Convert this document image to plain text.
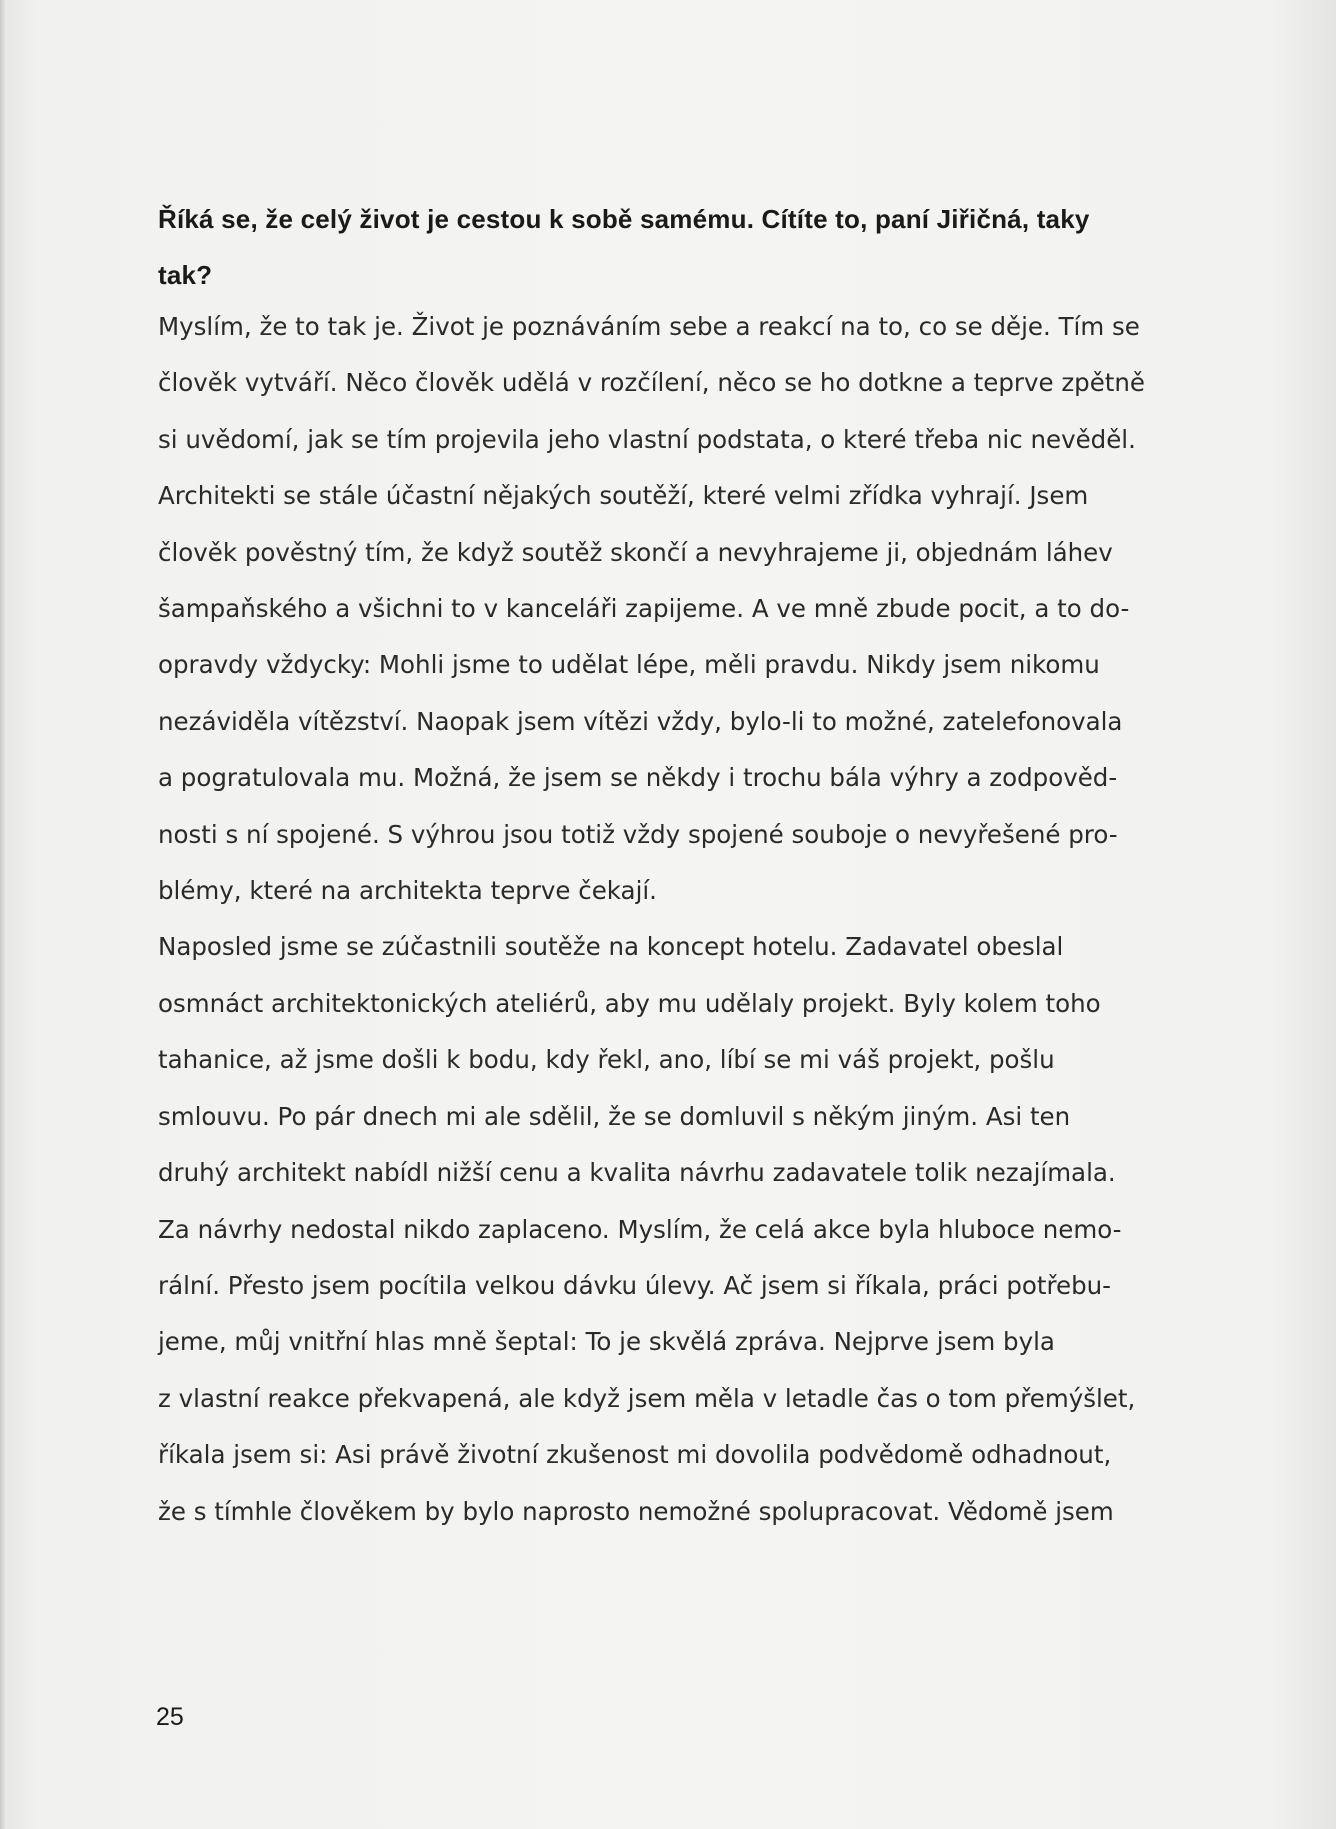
Říká se, že celý život je cestou k sobě samému. Cítíte to, paní Jiřičná, taky
tak?

Myslím, že to tak je. Život je poznáváním sebe a reakcí na to, co se děje. Tím se
člověk vytváří. Něco člověk udělá v rozčílení, něco se ho dotkne a teprve zpětně
si uvědomí, jak se tím projevila jeho vlastní podstata, o které třeba nic nevěděl.
Architekti se stále účastní nějakých soutěží, které velmi zřídka vyhrají. Jsem
člověk pověstný tím, že když soutěž skončí a nevyhrajeme ji, objednám láhev
šampaňského a všichni to v kanceláři zapijeme. A ve mně zbude pocit, a to do-
opravdy vždycky: Mohli jsme to udělat lépe, měli pravdu. Nikdy jsem nikomu
nezáviděla vítězství. Naopak jsem vítězi vždy, bylo-li to možné, zatelefonovala
a pogratulovala mu. Možná, že jsem se někdy i trochu bála výhry a zodpověd-
nosti s ní spojené. S výhrou jsou totiž vždy spojené souboje o nevyřešené pro-
blémy, které na architekta teprve čekají.
Naposled jsme se zúčastnili soutěže na koncept hotelu. Zadavatel obeslal
osmnáct architektonických ateliérů, aby mu udělaly projekt. Byly kolem toho
tahanice, až jsme došli k bodu, kdy řekl, ano, líbí se mi váš projekt, pošlu
smlouvu. Po pár dnech mi ale sdělil, že se domluvil s někým jiným. Asi ten
druhý architekt nabídl nižší cenu a kvalita návrhu zadavatele tolik nezajímala.
Za návrhy nedostal nikdo zaplaceno. Myslím, že celá akce byla hluboce nemo-
rální. Přesto jsem pocítila velkou dávku úlevy. Ač jsem si říkala, práci potřebu-
jeme, můj vnitřní hlas mně šeptal: To je skvělá zpráva. Nejprve jsem byla
z vlastní reakce překvapená, ale když jsem měla v letadle čas o tom přemýšlet,
říkala jsem si: Asi právě životní zkušenost mi dovolila podvědomě odhadnout,
že s tímhle člověkem by bylo naprosto nemožné spolupracovat. Vědomě jsem

25
